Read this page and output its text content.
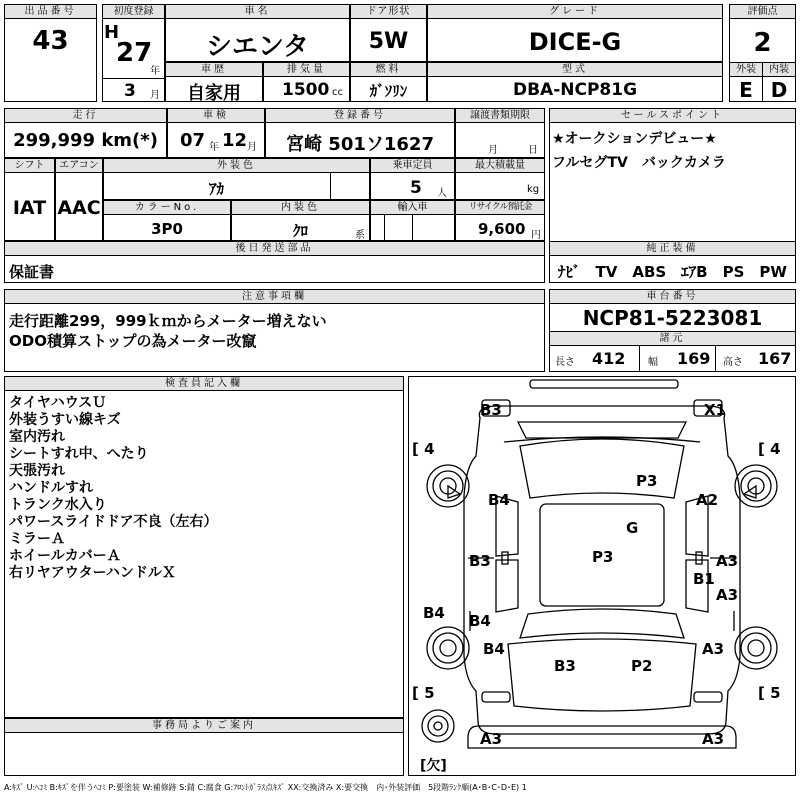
出品番号
43
初度登録
H
27
年
3 月
車名
シエンタ
ドア形状
5W
グレード
DICE-G
評価点
2
外装	内装
E D
車歴
自家用
排気量
1500 cc
燃料
ｶﾞｿﾘﾝ
型式
DBA-NCP81G
走行
299,999 km(*)
車検
07 年 12 月
登録番号
宮崎 501ソ1627
譲渡書類期限
月	日
セールスポイント
★オークションデビュー★
フルセグTV　バックカメラ
シフト
IAT
エアコン
AAC
外装色
ｱｶ
乗車定員
5 人
最大積載量
kg
カラーNo.
3P0
内装色
ｸﾛ	系
輸入車	リサイクル預託金
9,600 円
後日発送部品
保証書
純正装備
ﾅﾋﾞ　TV　ABS　ｴｱB　PS　PW
注意事項欄
走行距離299，999ｋｍからメーター増えない
ODO積算ストップの為メーター改竄
車台番号
NCP81-5223081
諸元
長さ 412 幅 169 高さ 167
検査員記入欄
タイヤハウスＵ
外装うすい線キズ
室内汚れ
シートすれ中、へたり
天張汚れ
ハンドルすれ
トランク水入り
パワースライドドア不良（左右）
ミラーＡ
ホイールカバーＡ
右リヤアウターハンドルＸ
事務局よりご案内
[ 4	[ 4
[ 5	[ 5
[欠]
B3	X1
P3
B4	A2
G
B3	P3	A3
B1
A3
B4 B4
B4	A3
B3	P2
A3	A3
A:ｷｽﾞ U:ﾍｺﾐ B:ｷｽﾞを伴うﾍｺﾐ P:要塗装 W:補修跡 S:錆 C:腐食 G:ﾌﾛﾝﾄｶﾞﾗｽ点ｷｽﾞ XX:交換済み X:要交換　内･外装評価　5段階ﾗﾝｸ順(A･B･C･D･E) 1
